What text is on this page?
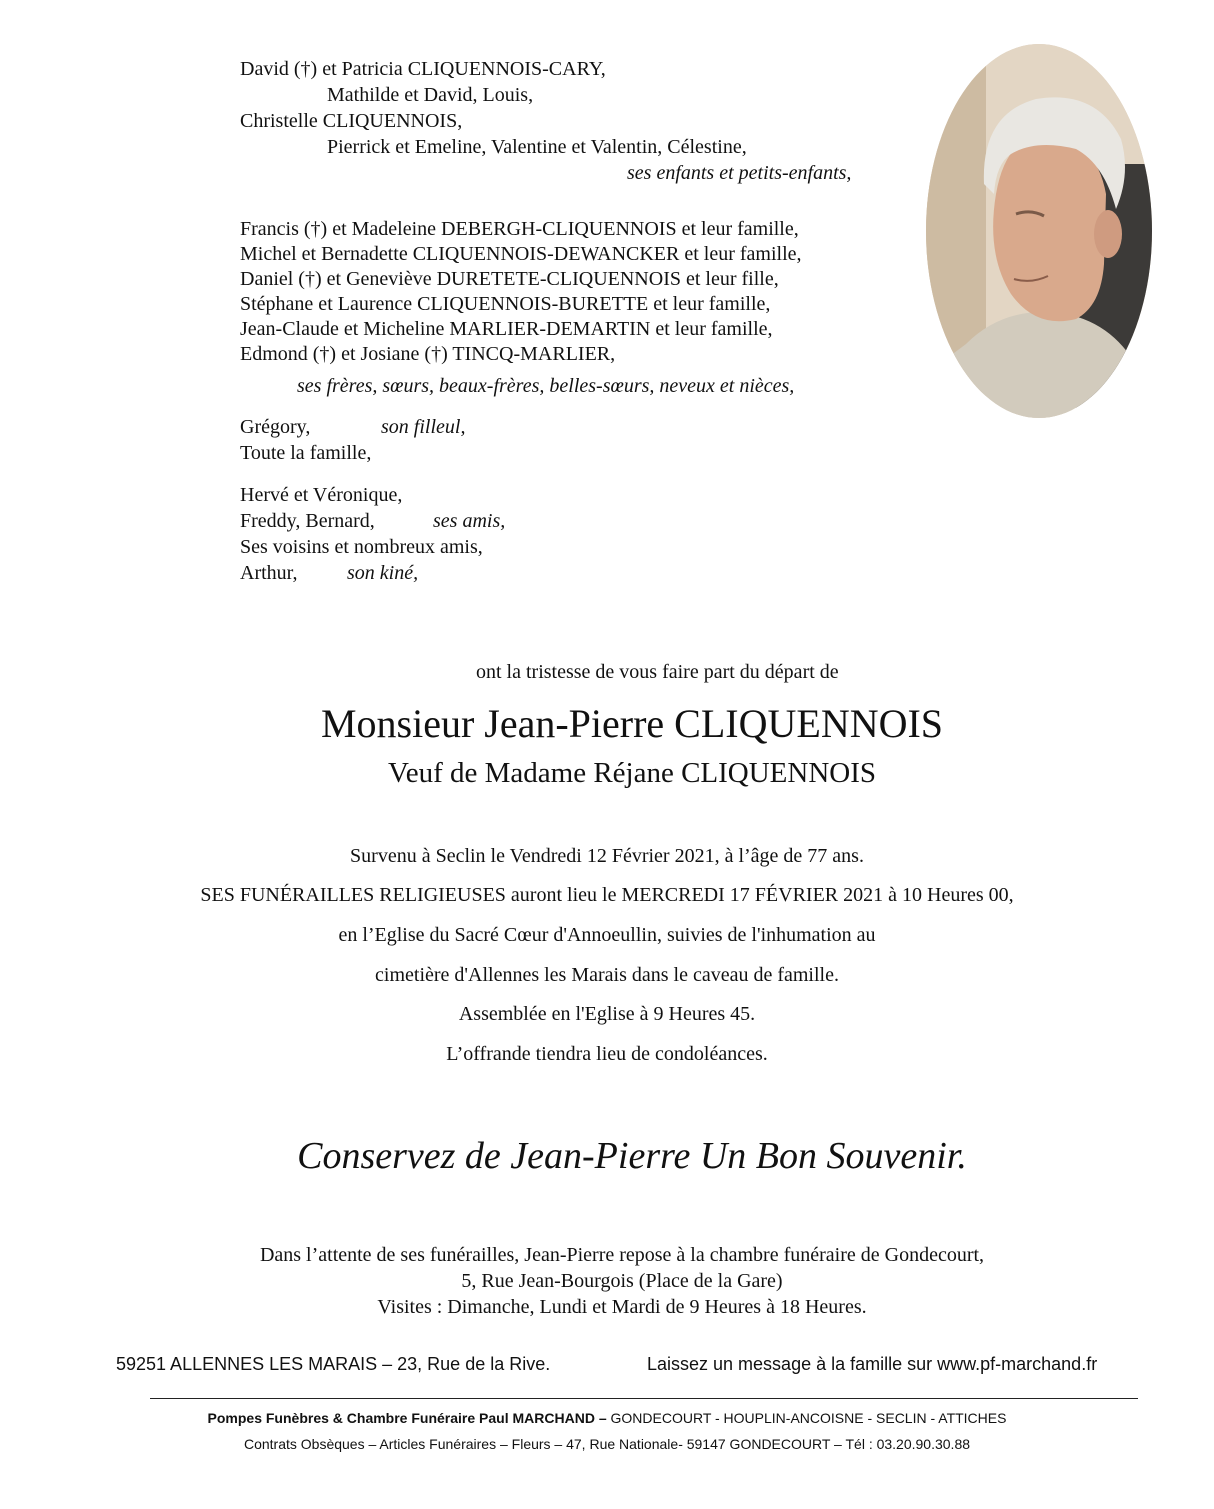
David (†) et Patricia CLIQUENNOIS-CARY,
Mathilde et David, Louis,
Christelle CLIQUENNOIS,
Pierrick et Emeline, Valentine et Valentin, Célestine,
ses enfants et petits-enfants,
Francis (†) et Madeleine DEBERGH-CLIQUENNOIS et leur famille,
Michel et Bernadette CLIQUENNOIS-DEWANCKER et leur famille,
Daniel (†) et Geneviève DURETETE-CLIQUENNOIS et leur fille,
Stéphane et Laurence CLIQUENNOIS-BURETTE et leur famille,
Jean-Claude et Micheline MARLIER-DEMARTIN et leur famille,
Edmond (†) et Josiane (†) TINCQ-MARLIER,
ses frères, sœurs, beaux-frères, belles-sœurs, neveux et nièces,
Grégory,	son filleul,
Toute la famille,
Hervé et Véronique,
Freddy, Bernard,	ses amis,
Ses voisins et nombreux amis,
Arthur, son kiné,
ont la tristesse de vous faire part du départ de
Monsieur Jean-Pierre CLIQUENNOIS
Veuf de Madame Réjane CLIQUENNOIS
Survenu à Seclin le Vendredi 12 Février 2021, à l’âge de 77 ans.
SES FUNÉRAILLES RELIGIEUSES auront lieu le MERCREDI 17 FÉVRIER 2021 à 10 Heures 00,
en l’Eglise du Sacré Cœur d'Annoeullin, suivies de l'inhumation au
cimetière d'Allennes les Marais dans le caveau de famille.
Assemblée en l'Eglise à 9 Heures 45.
L’offrande tiendra lieu de condoléances.
Conservez de Jean-Pierre Un Bon Souvenir.
Dans l’attente de ses funérailles, Jean-Pierre repose à la chambre funéraire de Gondecourt,
5, Rue Jean-Bourgois (Place de la Gare)
Visites : Dimanche, Lundi et Mardi de 9 Heures à 18 Heures.
59251 ALLENNES LES MARAIS – 23, Rue de la Rive.	Laissez un message à la famille sur www.pf-marchand.fr
Pompes Funèbres & Chambre Funéraire Paul MARCHAND – GONDECOURT - HOUPLIN-ANCOISNE - SECLIN - ATTICHES
Contrats Obsèques – Articles Funéraires – Fleurs – 47, Rue Nationale- 59147 GONDECOURT – Tél : 03.20.90.30.88
